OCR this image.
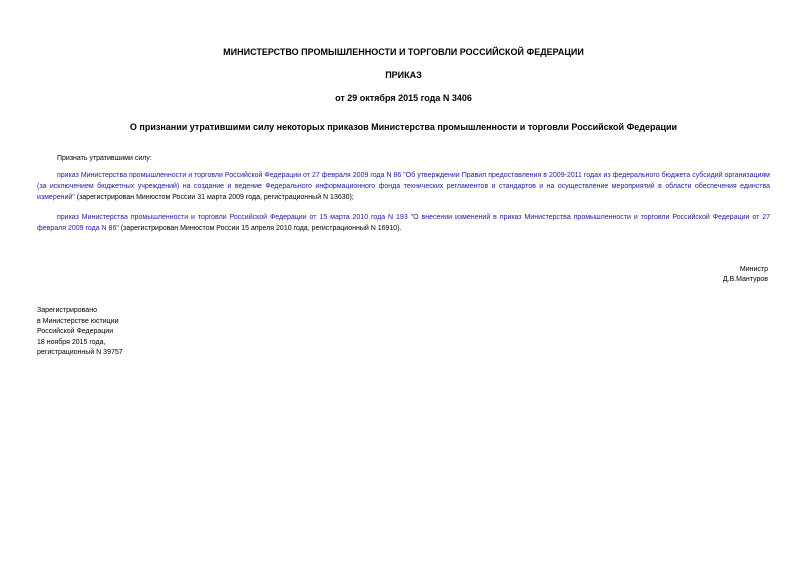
МИНИСТЕРСТВО ПРОМЫШЛЕННОСТИ И ТОРГОВЛИ РОССИЙСКОЙ ФЕДЕРАЦИИ
ПРИКАЗ
от 29 октября 2015 года N 3406
О признании утратившими силу некоторых приказов Министерства промышленности и торговли Российской Федерации
Признать утратившими силу:
приказ Министерства промышленности и торговли Российской Федерации от 27 февраля 2009 года N 86 "Об утверждении Правил предоставления в 2009-2011 годах из федерального бюджета субсидий организациям (за исключением бюджетных учреждений) на создание и ведение Федерального информационного фонда технических регламентов и стандартов и на осуществление мероприятий в области обеспечения единства измерений" (зарегистрирован Минюстом России 31 марта 2009 года, регистрационный N 13630);
приказ Министерства промышленности и торговли Российской Федерации от 15 марта 2010 года N 193 "О внесении изменений в приказ Министерства промышленности и торговли Российской Федерации от 27 февраля 2009 года N 86" (зарегистрирован Минюстом России 15 апреля 2010 года, регистрационный N 16910).
Министр
Д.В.Мантуров
Зарегистрировано
в Министерстве юстиции
Российской Федерации
18 ноября 2015 года,
регистрационный N 39757
